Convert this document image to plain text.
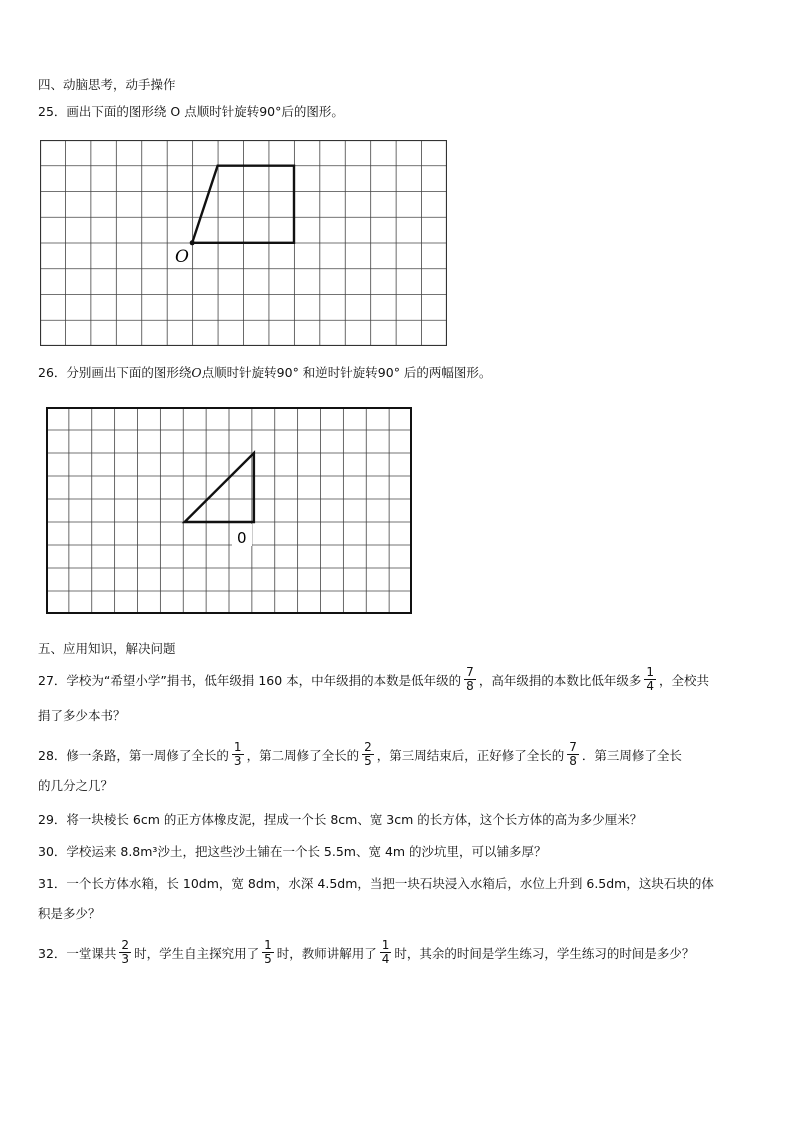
四、动脑思考，动手操作
25．画出下面的图形绕 O 点顺时针旋转90°后的图形。
O
26．分别画出下面的图形绕O点顺时针旋转90° 和逆时针旋转90° 后的两幅图形。
0
五、应用知识，解决问题
27．学校为“希望小学”捐书，低年级捐 160 本，中年级捐的本数是低年级的 $\frac{7}{8}$ ，高年级捐的本数比低年级多 $\frac{1}{4}$ ，全校共
捐了多少本书？
28．修一条路，第一周修了全长的 $\frac{1}{3}$ ，第二周修了全长的 $\frac{2}{5}$ ，第三周结束后，正好修了全长的 $\frac{7}{8}$ ．第三周修了全长
的几分之几？
29．将一块棱长 6cm 的正方体橡皮泥，捏成一个长 8cm、宽 3cm 的长方体，这个长方体的高为多少厘米？
30．学校运来 8.8m³沙土，把这些沙土铺在一个长 5.5m、宽 4m 的沙坑里，可以铺多厚？
31．一个长方体水箱，长 10dm，宽 8dm，水深 4.5dm，当把一块石块浸入水箱后，水位上升到 6.5dm，这块石块的体
积是多少？
32．一堂课共 $\frac{2}{3}$ 时，学生自主探究用了 $\frac{1}{5}$ 时，教师讲解用了 $\frac{1}{4}$ 时，其余的时间是学生练习，学生练习的时间是多少？
